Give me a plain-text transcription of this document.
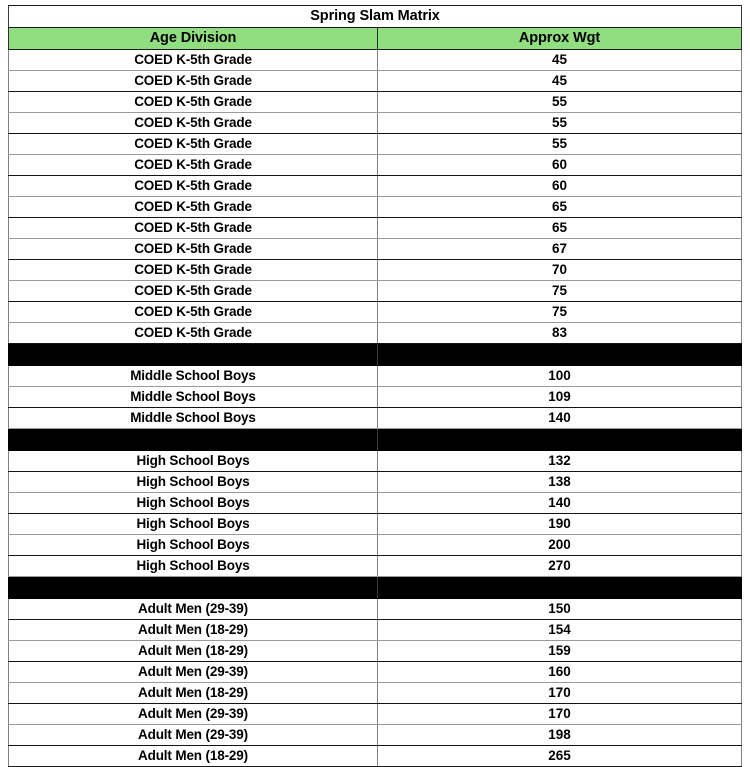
Spring Slam Matrix	
Age Division	Approx Wgt
COED K-5th Grade	45
COED K-5th Grade	45
COED K-5th Grade	55
COED K-5th Grade	55
COED K-5th Grade	55
COED K-5th Grade	60
COED K-5th Grade	60
COED K-5th Grade	65
COED K-5th Grade	65
COED K-5th Grade	67
COED K-5th Grade	70
COED K-5th Grade	75
COED K-5th Grade	75
COED K-5th Grade	83

Middle School Boys	100
Middle School Boys	109
Middle School Boys	140

High School Boys	132
High School Boys	138
High School Boys	140
High School Boys	190
High School Boys	200
High School Boys	270

Adult Men (29-39)	150
Adult Men (18-29)	154
Adult Men (18-29)	159
Adult Men (29-39)	160
Adult Men (18-29)	170
Adult Men (29-39)	170
Adult Men (29-39)	198
Adult Men (18-29)	265
